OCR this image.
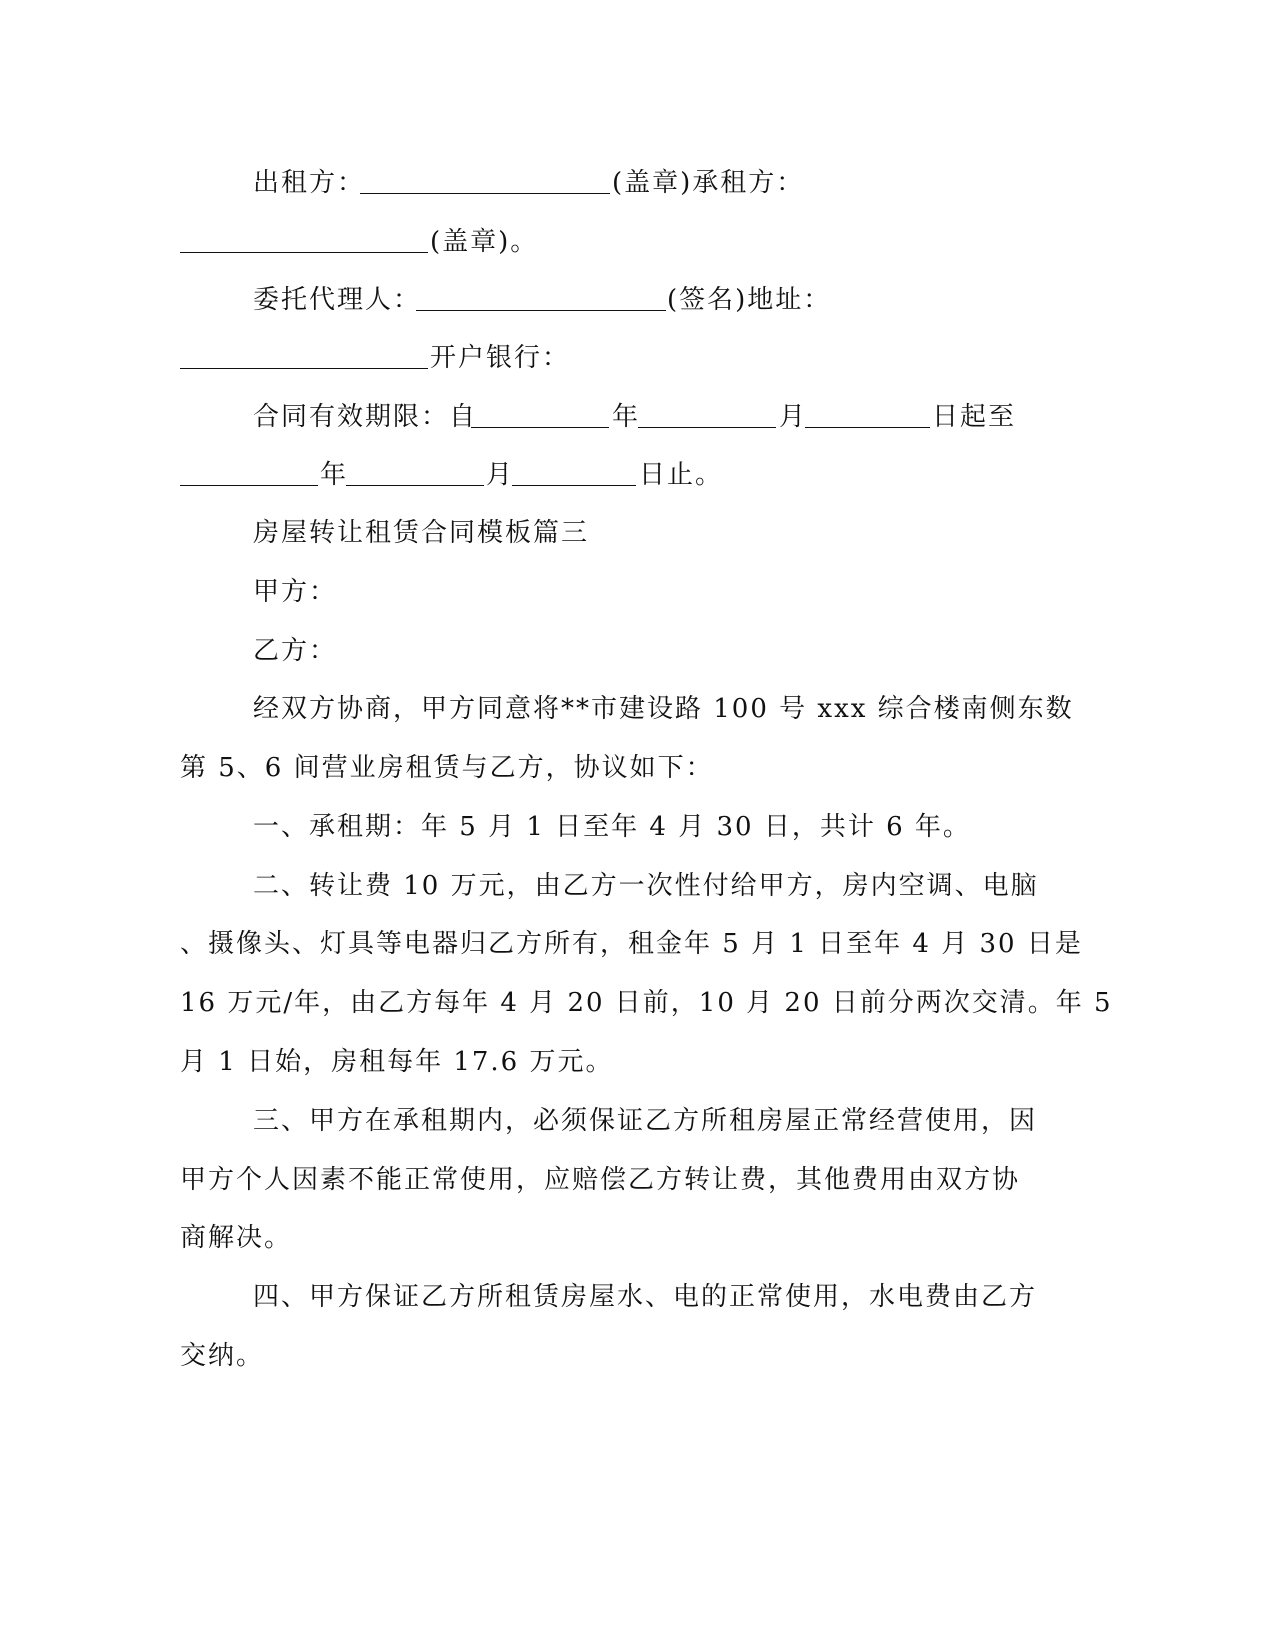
出租方：	(盖章)承租方：
(盖章)。
委托代理人：	(签名)地址：
开户银行：
合同有效期限：自	年	月	日起至
年	月	日止。
房屋转让租赁合同模板篇三
甲方：
乙方：
经双方协商，甲方同意将**市建设路 100 号 xxx 综合楼南侧东数
第 5、6 间营业房租赁与乙方，协议如下：
一、承租期：年 5 月 1 日至年 4 月 30 日，共计 6 年。
二、转让费 10 万元，由乙方一次性付给甲方，房内空调、电脑
、摄像头、灯具等电器归乙方所有，租金年 5 月 1 日至年 4 月 30 日是
16 万元/年，由乙方每年 4 月 20 日前，10 月 20 日前分两次交清。年 5
月 1 日始，房租每年 17.6 万元。
三、甲方在承租期内，必须保证乙方所租房屋正常经营使用，因
甲方个人因素不能正常使用，应赔偿乙方转让费，其他费用由双方协
商解决。
四、甲方保证乙方所租赁房屋水、电的正常使用，水电费由乙方
交纳。
